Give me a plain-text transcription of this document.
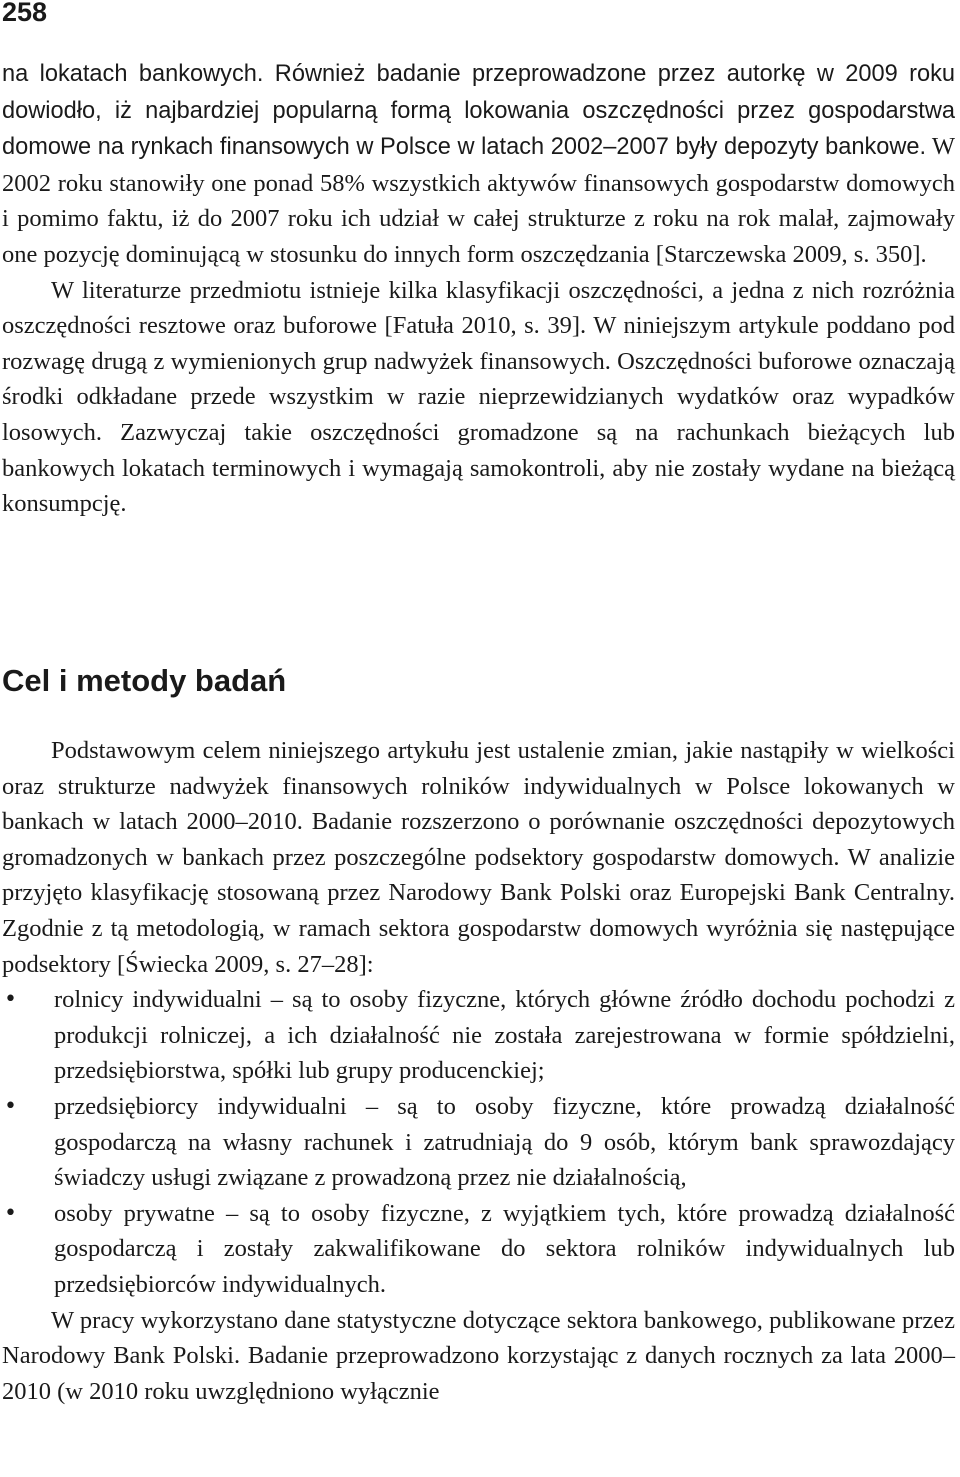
258

na lokatach bankowych. Również badanie przeprowadzone przez autorkę w 2009 roku dowiodło, iż najbardziej popularną formą lokowania oszczędności przez gospodarstwa domowe na rynkach finansowych w Polsce w latach 2002–2007 były depozyty bankowe. W 2002 roku stanowiły one ponad 58% wszystkich aktywów finansowych gospodarstw domowych i pomimo faktu, iż do 2007 roku ich udział w całej strukturze z roku na rok malał, zajmowały one pozycję dominującą w stosunku do innych form oszczędzania [Starczewska 2009, s. 350].

W literaturze przedmiotu istnieje kilka klasyfikacji oszczędności, a jedna z nich rozróżnia oszczędności resztowe oraz buforowe [Fatuła 2010, s. 39]. W niniejszym artykule poddano pod rozwagę drugą z wymienionych grup nadwyżek finansowych. Oszczędności buforowe oznaczają środki odkładane przede wszystkim w razie nieprzewidzianych wydatków oraz wypadków losowych. Zazwyczaj takie oszczędności gromadzone są na rachunkach bieżących lub bankowych lokatach terminowych i wymagają samokontroli, aby nie zostały wydane na bieżącą konsumpcję.

Cel i metody badań

Podstawowym celem niniejszego artykułu jest ustalenie zmian, jakie nastąpiły w wielkości oraz strukturze nadwyżek finansowych rolników indywidualnych w Polsce lokowanych w bankach w latach 2000–2010. Badanie rozszerzono o porównanie oszczędności depozytowych gromadzonych w bankach przez poszczególne podsektory gospodarstw domowych. W analizie przyjęto klasyfikację stosowaną przez Narodowy Bank Polski oraz Europejski Bank Centralny. Zgodnie z tą metodologią, w ramach sektora gospodarstw domowych wyróżnia się następujące podsektory [Świecka 2009, s. 27–28]:

• rolnicy indywidualni – są to osoby fizyczne, których główne źródło dochodu pochodzi z produkcji rolniczej, a ich działalność nie została zarejestrowana w formie spółdzielni, przedsiębiorstwa, spółki lub grupy producenckiej;
• przedsiębiorcy indywidualni – są to osoby fizyczne, które prowadzą działalność gospodarczą na własny rachunek i zatrudniają do 9 osób, którym bank sprawozdający świadczy usługi związane z prowadzoną przez nie działalnością,
• osoby prywatne – są to osoby fizyczne, z wyjątkiem tych, które prowadzą działalność gospodarczą i zostały zakwalifikowane do sektora rolników indywidualnych lub przedsiębiorców indywidualnych.

W pracy wykorzystano dane statystyczne dotyczące sektora bankowego, publikowane przez Narodowy Bank Polski. Badanie przeprowadzono korzystając z danych rocznych za lata 2000–2010 (w 2010 roku uwzględniono wyłącznie
